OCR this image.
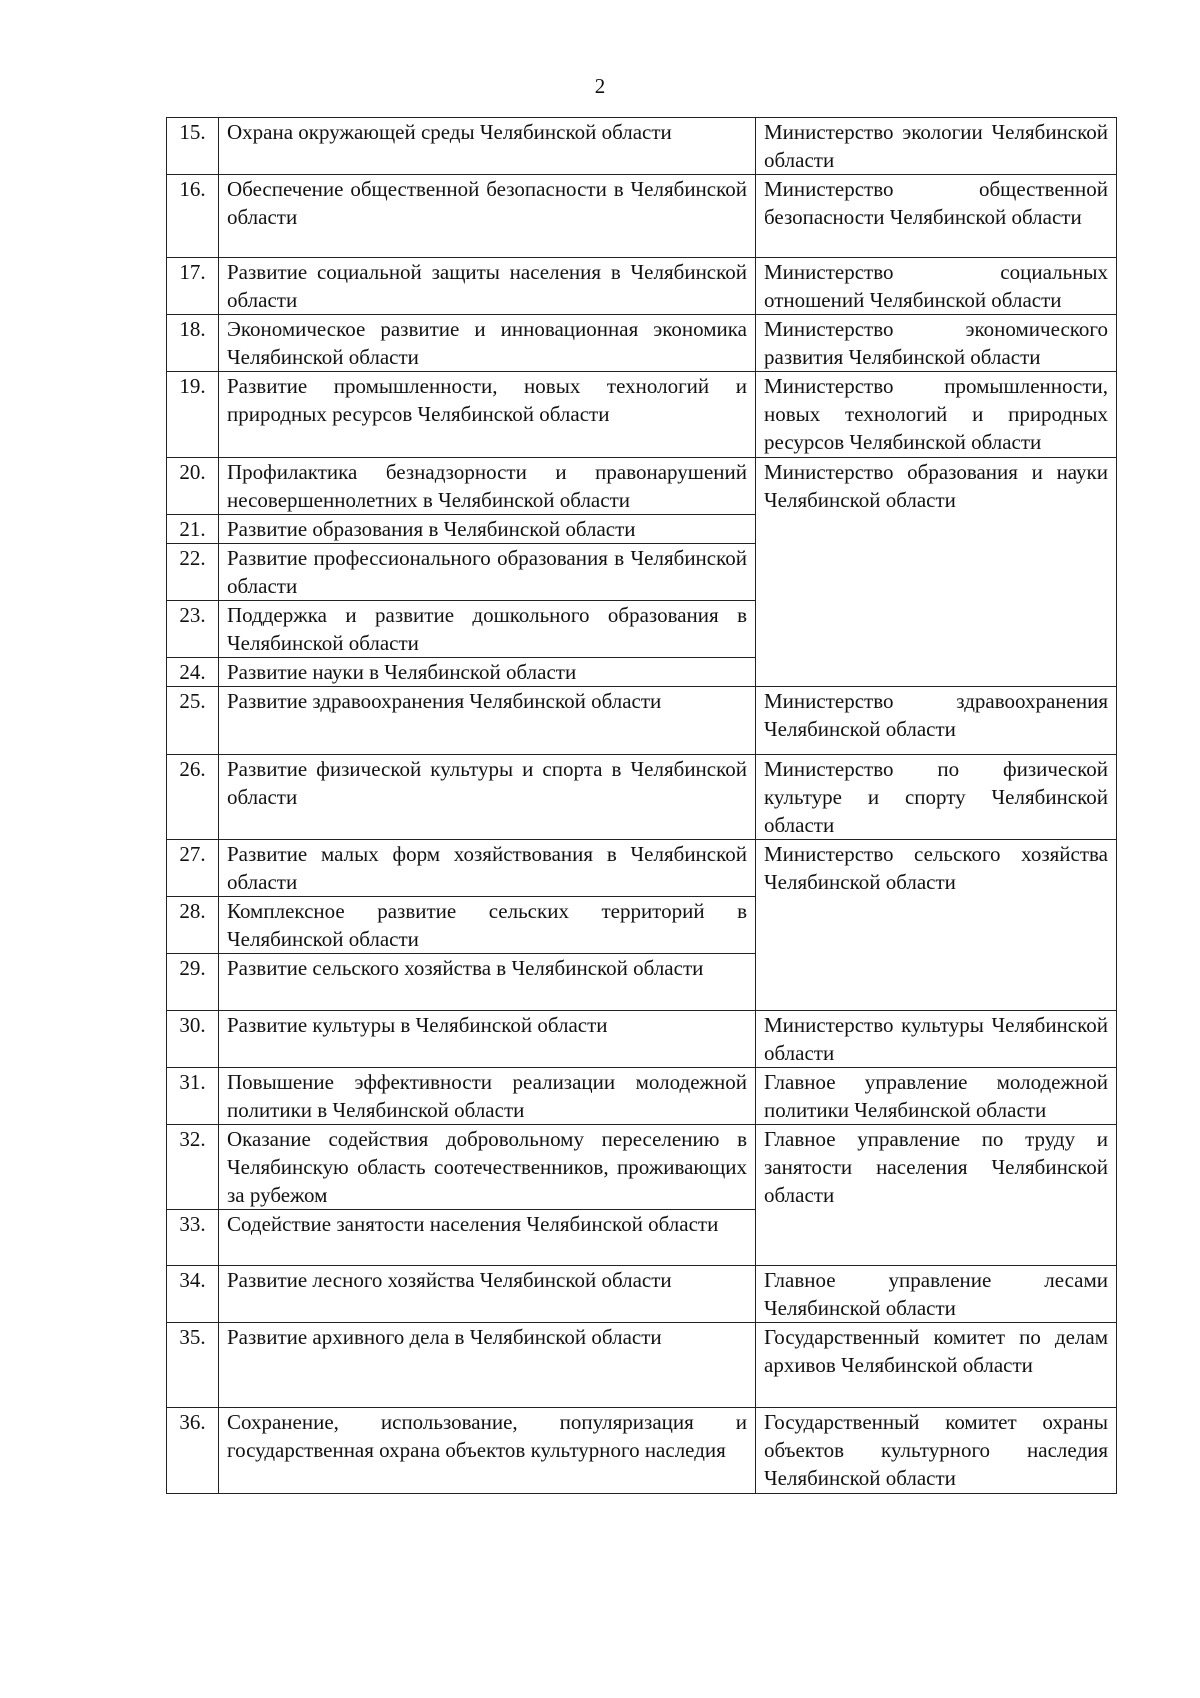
2
15.	Охрана окружающей среды Челябинской области	Министерство экологии Челябинской области
16.	Обеспечение общественной безопасности в Челябинской области	Министерство общественной безопасности Челябинской области
17.	Развитие социальной защиты населения в Челябинской области	Министерство социальных отношений Челябинской области
18.	Экономическое развитие и инновационная экономика Челябинской области	Министерство экономического развития Челябинской области
19.	Развитие промышленности, новых технологий и природных ресурсов Челябинской области	Министерство промышленности, новых технологий и природных ресурсов Челябинской области
20.	Профилактика безнадзорности и правонарушений несовершеннолетних в Челябинской области	Министерство образования и науки Челябинской области
21.	Развитие образования в Челябинской области	
22.	Развитие профессионального образования в Челябинской области	
23.	Поддержка и развитие дошкольного образования в Челябинской области	
24.	Развитие науки в Челябинской области	
25.	Развитие здравоохранения Челябинской области	Министерство здравоохранения Челябинской области
26.	Развитие физической культуры и спорта в Челябинской области	Министерство по физической культуре и спорту Челябинской области
27.	Развитие малых форм хозяйствования в Челябинской области	Министерство сельского хозяйства Челябинской области
28.	Комплексное развитие сельских территорий в Челябинской области	
29.	Развитие сельского хозяйства в Челябинской области	
30.	Развитие культуры в Челябинской области	Министерство культуры Челябинской области
31.	Повышение эффективности реализации молодежной политики в Челябинской области	Главное управление молодежной политики Челябинской области
32.	Оказание содействия добровольному переселению в Челябинскую область соотечественников, проживающих за рубежом	Главное управление по труду и занятости населения Челябинской области
33.	Содействие занятости населения Челябинской области	
34.	Развитие лесного хозяйства Челябинской области	Главное управление лесами Челябинской области
35.	Развитие архивного дела в Челябинской области	Государственный комитет по делам архивов Челябинской области
36.	Сохранение, использование, популяризация и государственная охрана объектов культурного наследия	Государственный комитет охраны объектов культурного наследия Челябинской области
